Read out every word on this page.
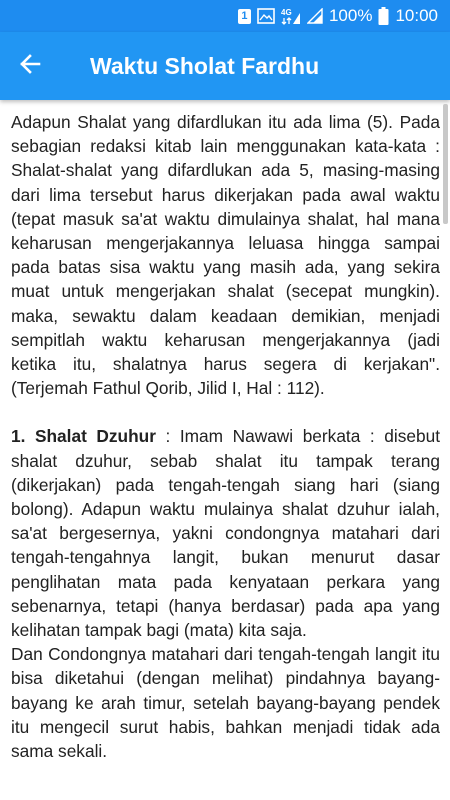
1	4G 100% 10:00
Waktu Sholat Fardhu

Adapun Shalat yang difardlukan itu ada lima (5). Pada sebagian redaksi kitab lain menggunakan kata-kata : Shalat-shalat yang difardlukan ada 5, masing-masing dari lima tersebut harus dikerjakan pada awal waktu (tepat masuk sa'at waktu dimulainya shalat, hal mana keharusan mengerjakannya leluasa hingga sampai pada batas sisa waktu yang masih ada, yang sekira muat untuk mengerjakan shalat (secepat mungkin). maka, sewaktu dalam keadaan demikian, menjadi sempitlah waktu keharusan mengerjakannya (jadi ketika itu, shalatnya harus segera di kerjakan". (Terjemah Fathul Qorib, Jilid I, Hal : 112).

1. Shalat Dzuhur : Imam Nawawi berkata : disebut shalat dzuhur, sebab shalat itu tampak terang (dikerjakan) pada tengah-tengah siang hari (siang bolong). Adapun waktu mulainya shalat dzuhur ialah, sa'at bergesernya, yakni condongnya matahari dari tengah-tengahnya langit, bukan menurut dasar penglihatan mata pada kenyataan perkara yang sebenarnya, tetapi (hanya berdasar) pada apa yang kelihatan tampak bagi (mata) kita saja.

Dan Condongnya matahari dari tengah-tengah langit itu bisa diketahui (dengan melihat) pindahnya bayang-bayang ke arah timur, setelah bayang-bayang pendek itu mengecil surut habis, bahkan menjadi tidak ada sama sekali.
